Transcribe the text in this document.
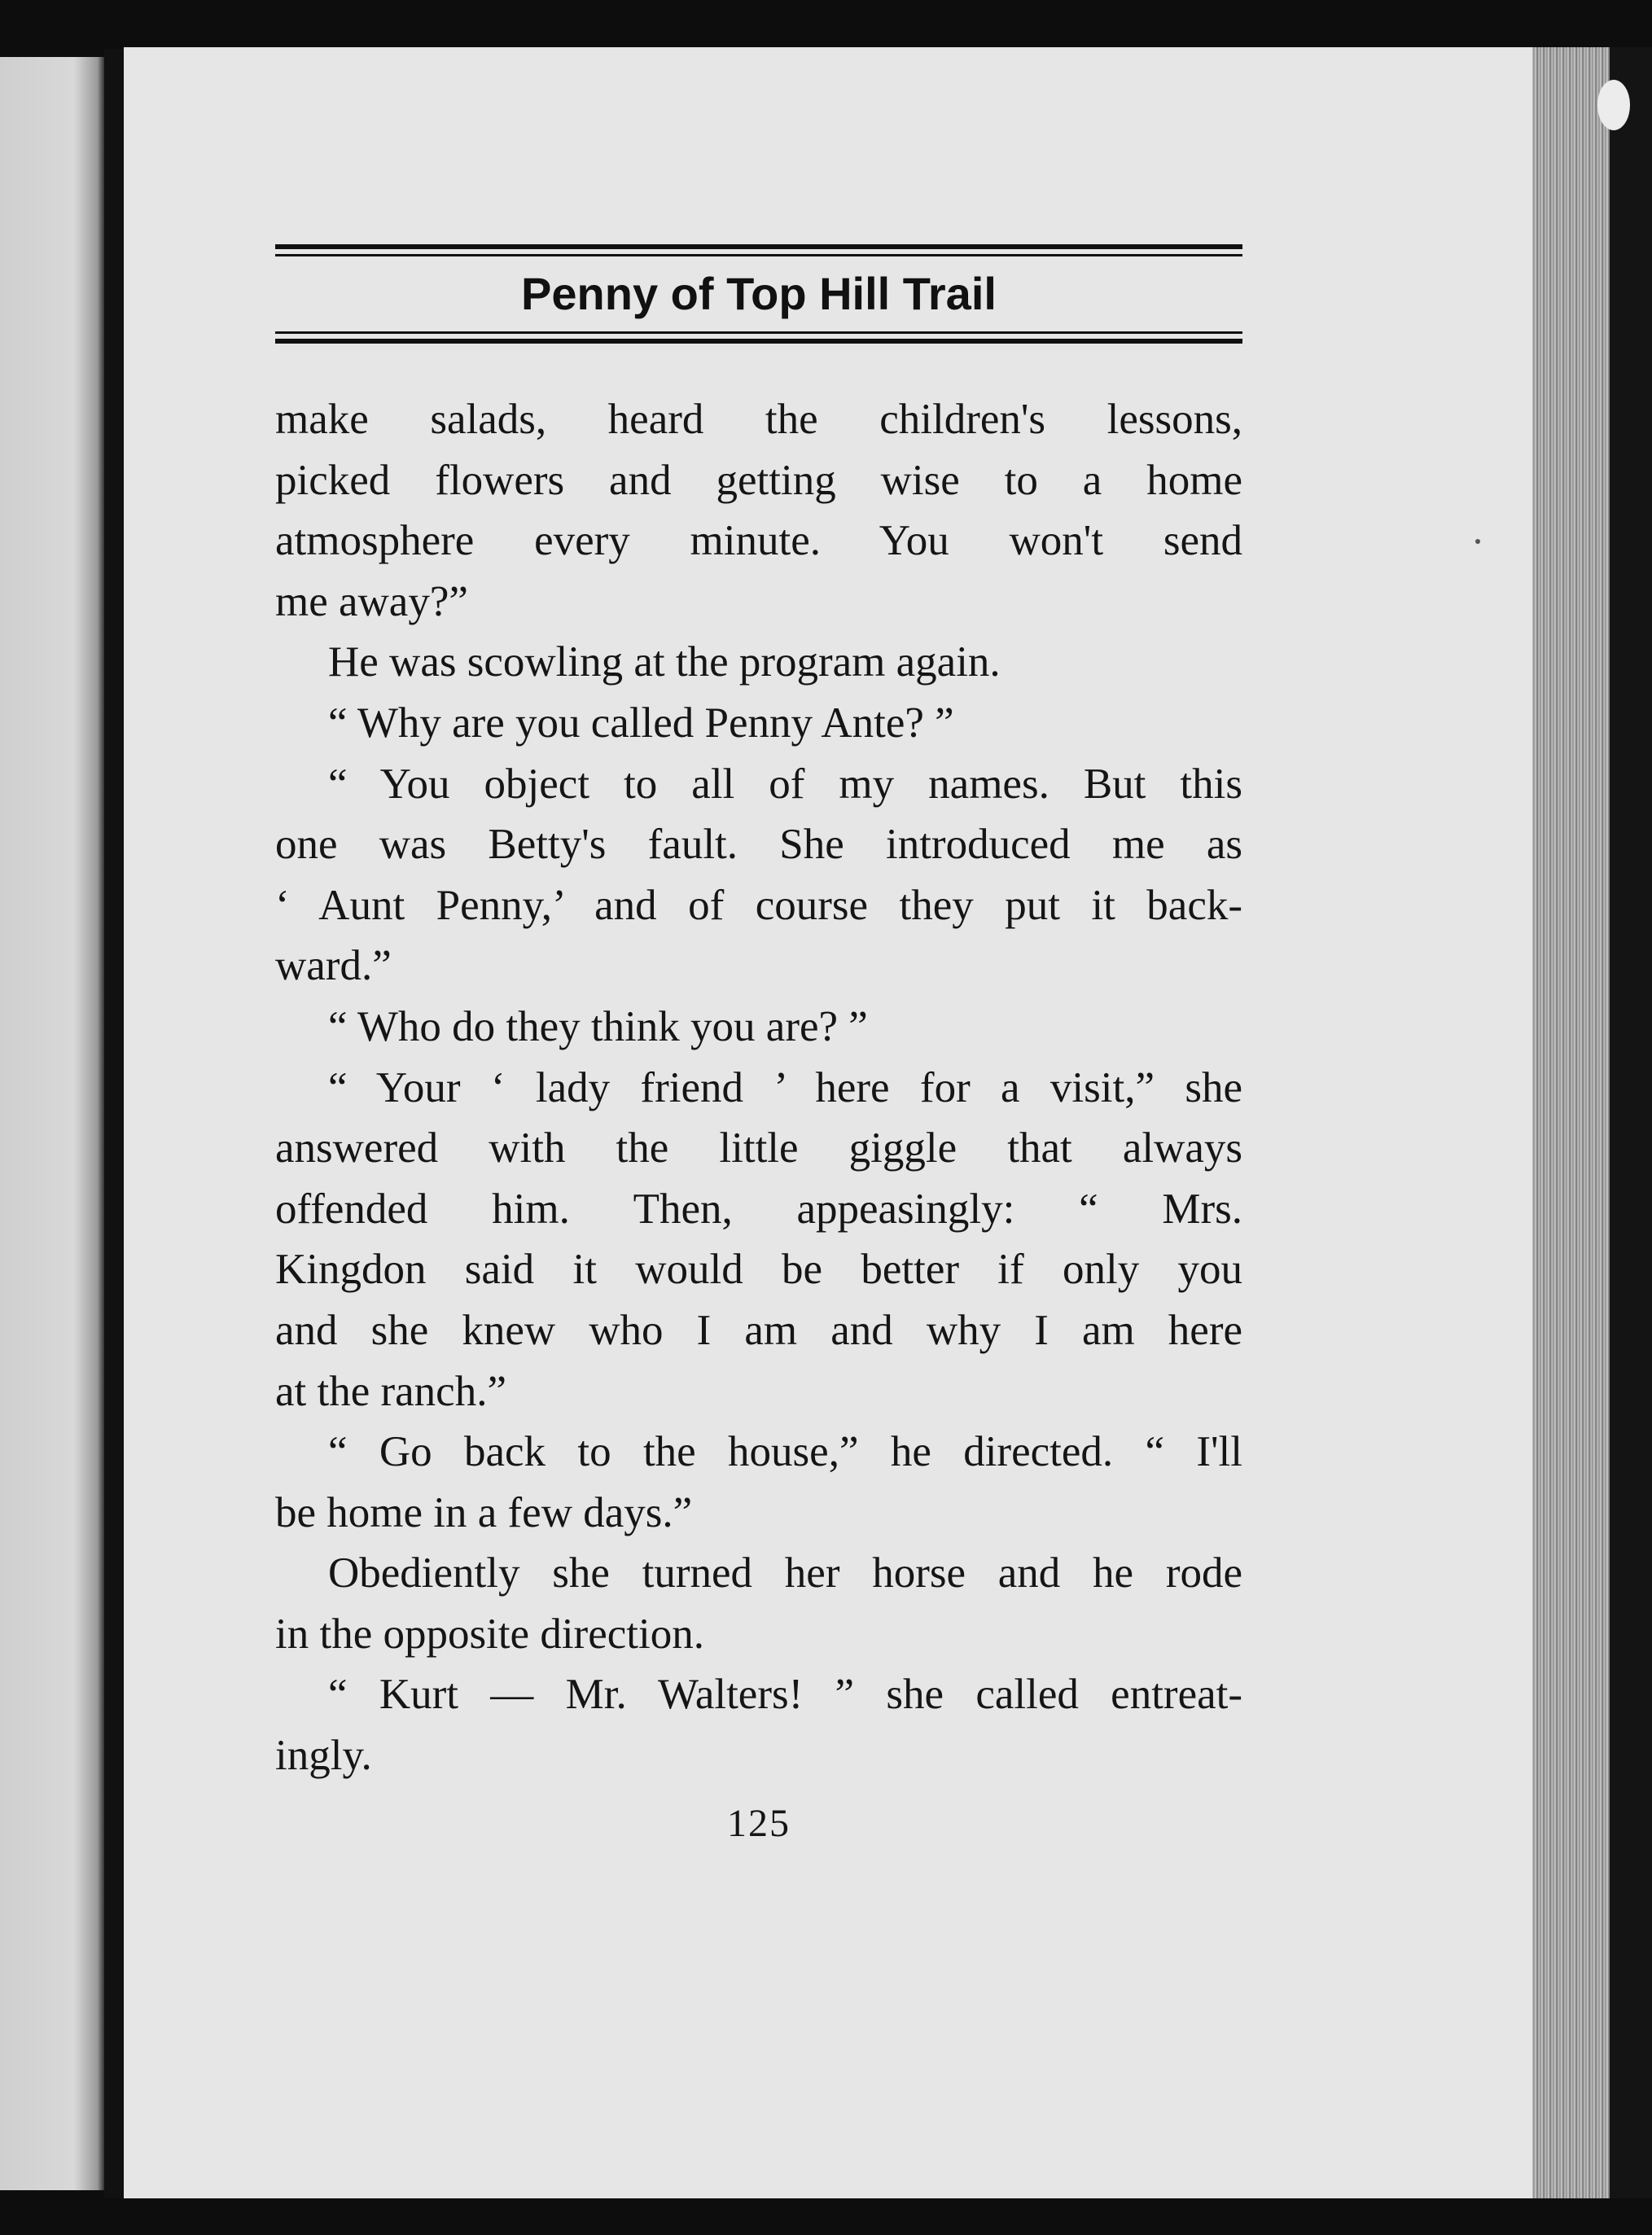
Penny of Top Hill Trail

make salads, heard the children's lessons,
picked flowers and getting wise to a home
atmosphere every minute. You won't send
me away?”

He was scowling at the program again.

“ Why are you called Penny Ante? ”

“ You object to all of my names. But this
one was Betty's fault. She introduced me as
‘ Aunt Penny,’ and of course they put it back-
ward.”

“ Who do they think you are? ”

“ Your ‘ lady friend ’ here for a visit,” she
answered with the little giggle that always
offended him. Then, appeasingly: “ Mrs.
Kingdon said it would be better if only you
and she knew who I am and why I am here
at the ranch.”

“ Go back to the house,” he directed. “ I'll
be home in a few days.”

Obediently she turned her horse and he rode
in the opposite direction.

“ Kurt — Mr. Walters! ” she called entreat-
ingly.

125
